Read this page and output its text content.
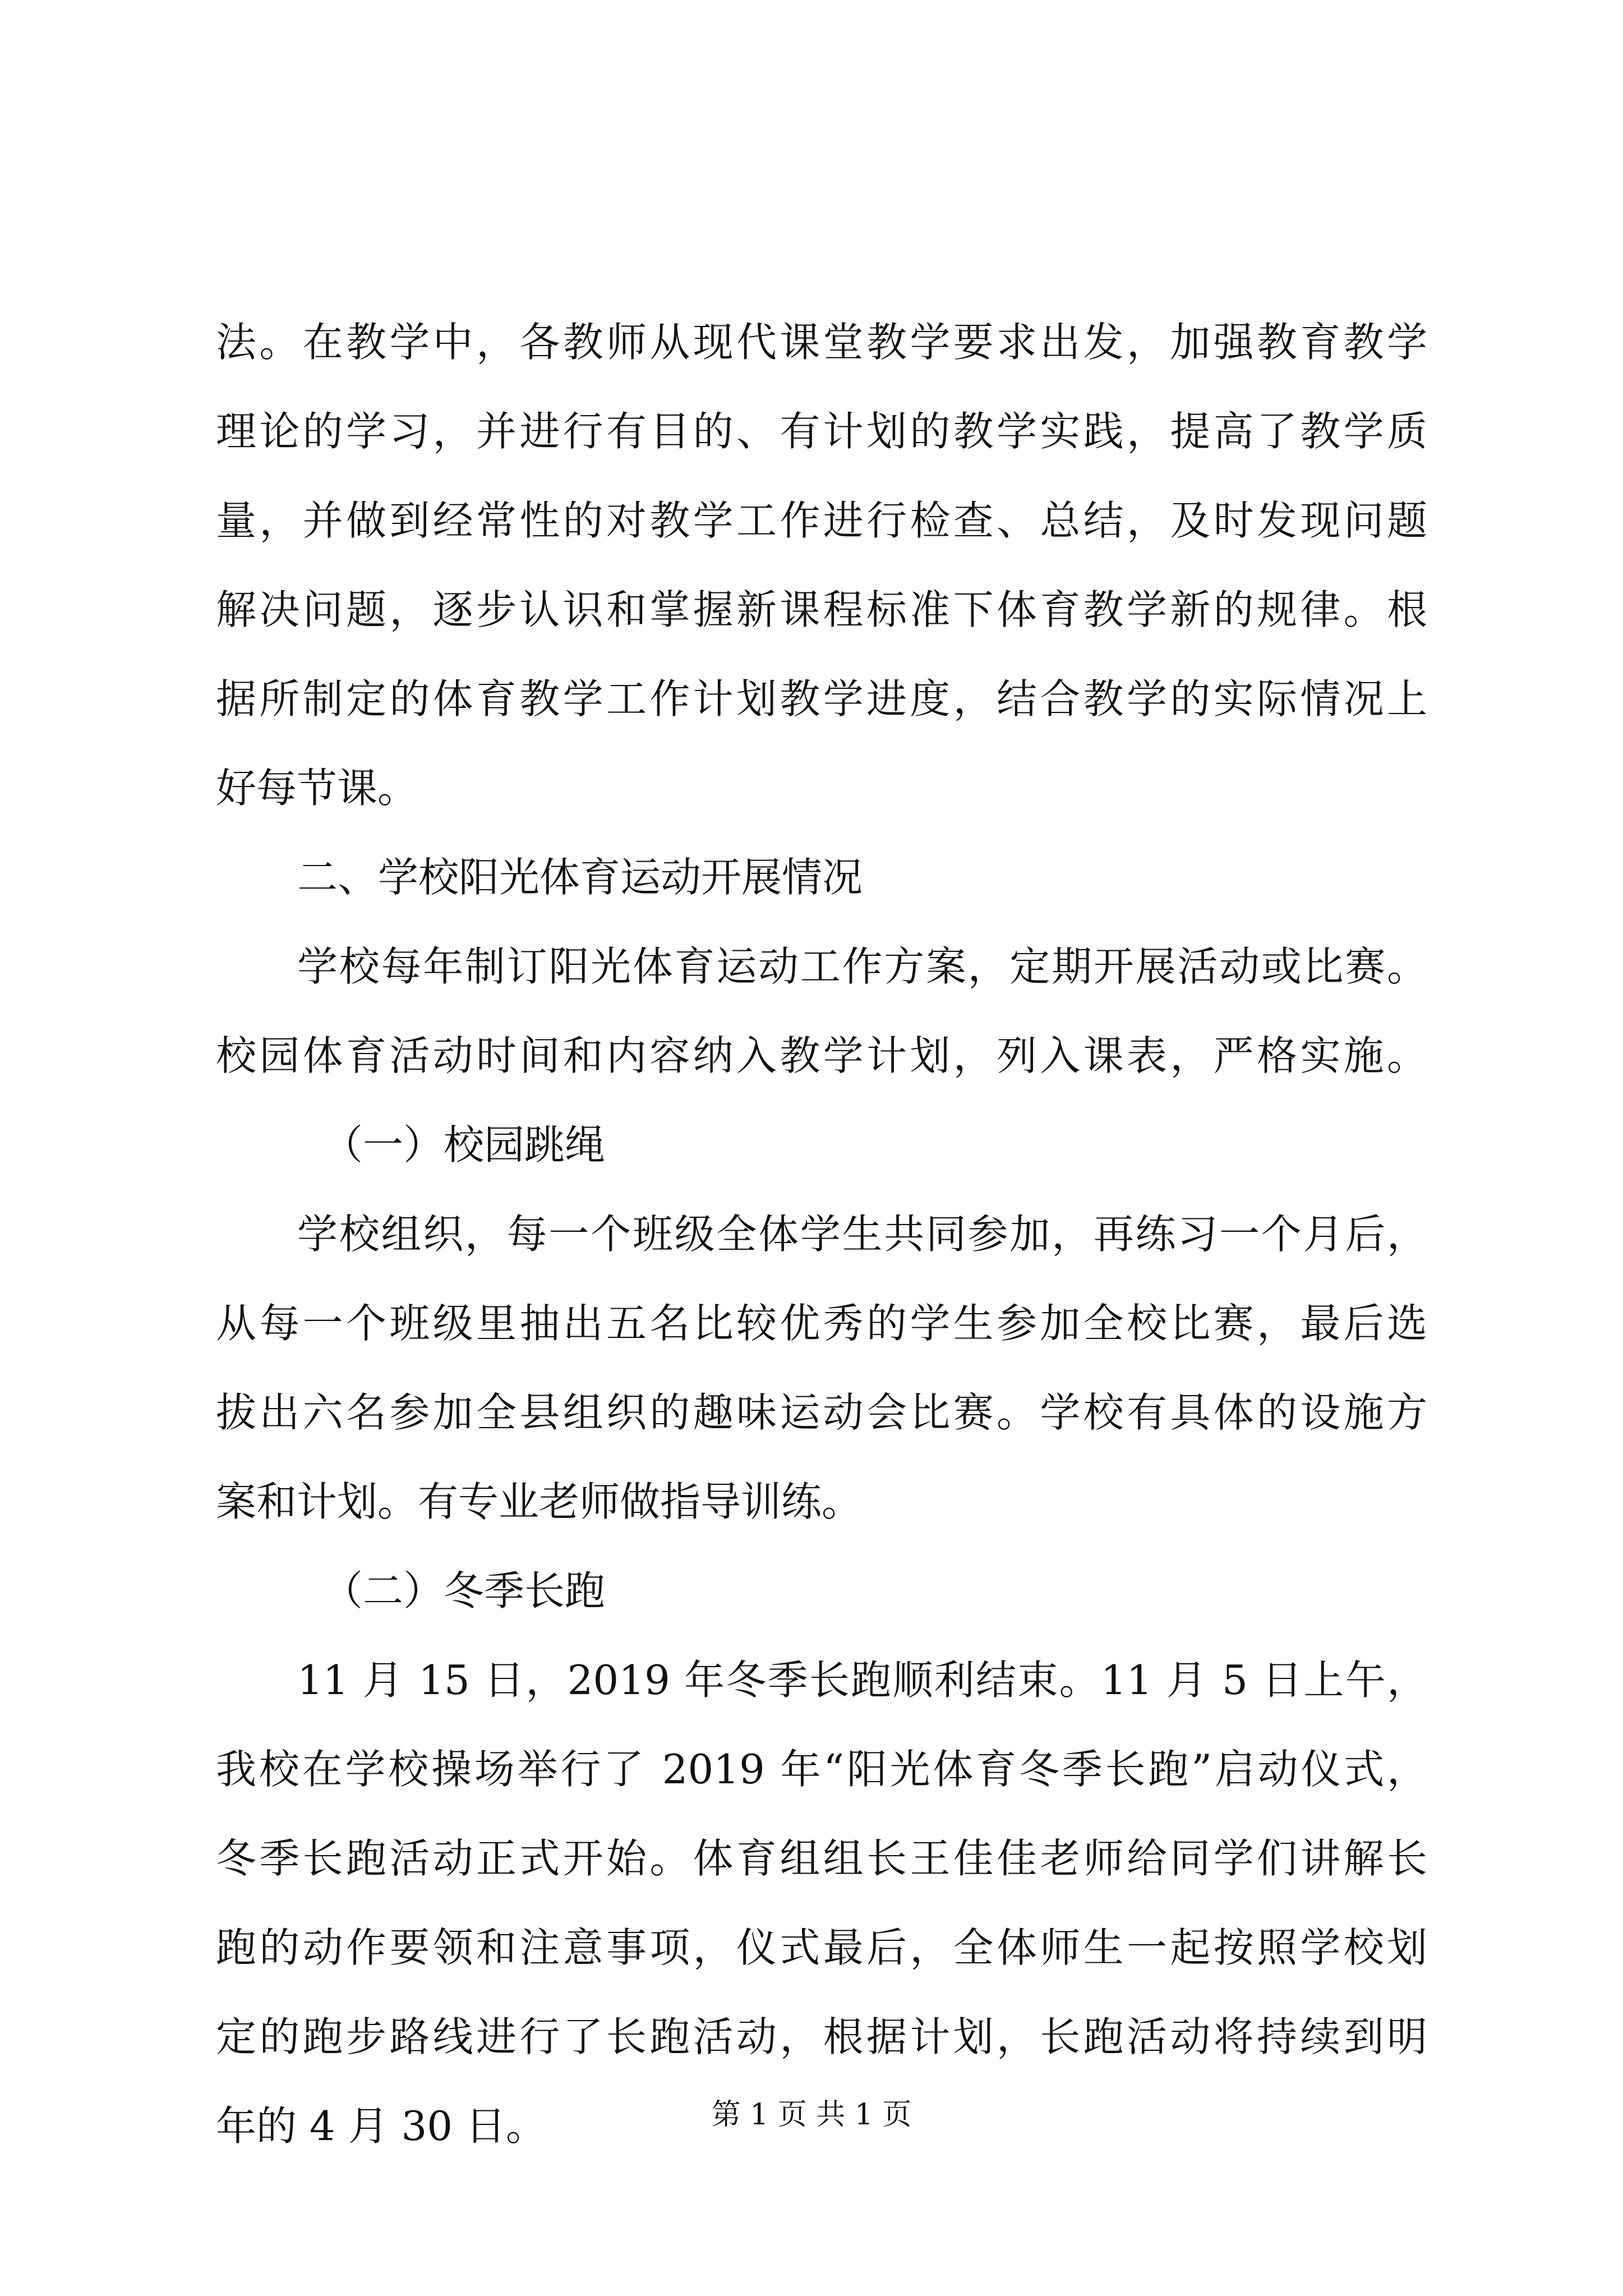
法。在教学中，各教师从现代课堂教学要求出发，加强教育教学
理论的学习，并进行有目的、有计划的教学实践，提高了教学质
量，并做到经常性的对教学工作进行检查、总结，及时发现问题
解决问题，逐步认识和掌握新课程标准下体育教学新的规律。根
据所制定的体育教学工作计划教学进度，结合教学的实际情况上
好每节课。
二、学校阳光体育运动开展情况
学校每年制订阳光体育运动工作方案，定期开展活动或比赛。
校园体育活动时间和内容纳入教学计划，列入课表，严格实施。
（一）校园跳绳
学校组织，每一个班级全体学生共同参加，再练习一个月后，
从每一个班级里抽出五名比较优秀的学生参加全校比赛，最后选
拔出六名参加全县组织的趣味运动会比赛。学校有具体的设施方
案和计划。有专业老师做指导训练。
（二）冬季长跑
11 月 15 日，2019 年冬季长跑顺利结束。11 月 5 日上午，
我校在学校操场举行了 2019 年“阳光体育冬季长跑”启动仪式，
冬季长跑活动正式开始。体育组组长王佳佳老师给同学们讲解长
跑的动作要领和注意事项，仪式最后，全体师生一起按照学校划
定的跑步路线进行了长跑活动，根据计划，长跑活动将持续到明
年的 4 月 30 日。	第 1 页 共 1 页
